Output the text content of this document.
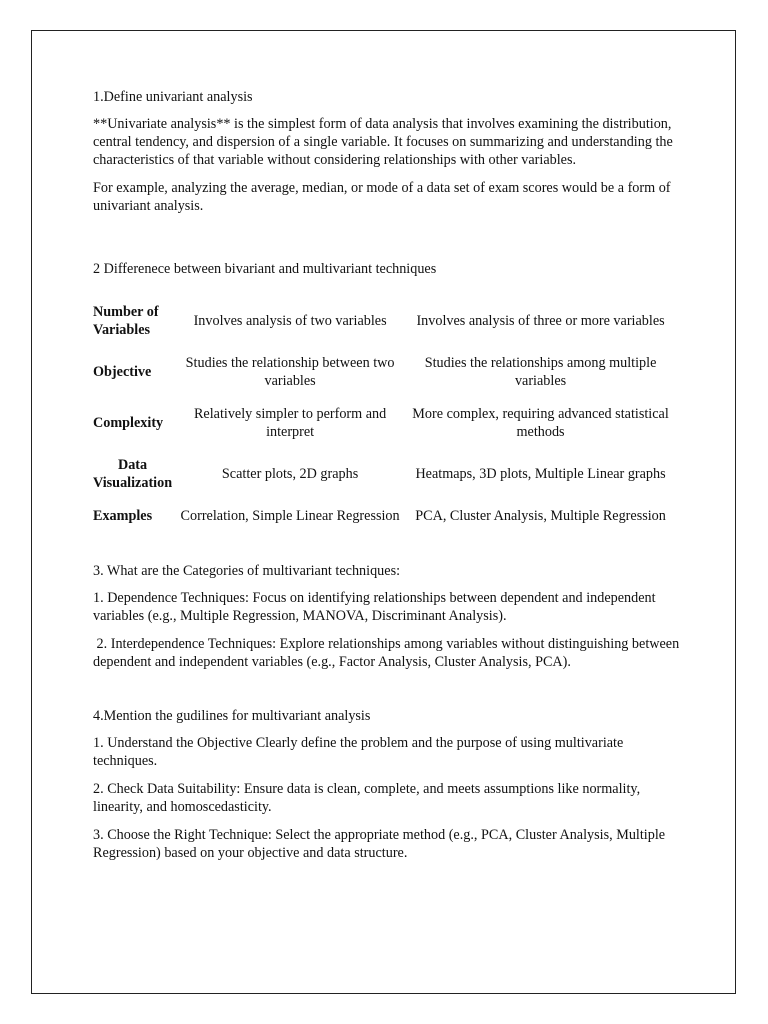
1.Define univariant analysis

**Univariate analysis** is the simplest form of data analysis that involves examining the distribution, central tendency, and dispersion of a single variable. It focuses on summarizing and understanding the characteristics of that variable without considering relationships with other variables.

For example, analyzing the average, median, or mode of a data set of exam scores would be a form of univariant analysis.

2 Differenece between bivariant and multivariant techniques

Number of Variables	Involves analysis of two variables	Involves analysis of three or more variables
Objective	Studies the relationship between two variables	Studies the relationships among multiple variables
Complexity	Relatively simpler to perform and interpret	More complex, requiring advanced statistical methods
Data Visualization	Scatter plots, 2D graphs	Heatmaps, 3D plots, Multiple Linear graphs
Examples	Correlation, Simple Linear Regression	PCA, Cluster Analysis, Multiple Regression

3. What are the Categories of multivariant techniques:

1. Dependence Techniques: Focus on identifying relationships between dependent and independent variables (e.g., Multiple Regression, MANOVA, Discriminant Analysis).

2. Interdependence Techniques: Explore relationships among variables without distinguishing between dependent and independent variables (e.g., Factor Analysis, Cluster Analysis, PCA).

4.Mention the gudilines for multivariant analysis

1. Understand the Objective Clearly define the problem and the purpose of using multivariate techniques.

2. Check Data Suitability: Ensure data is clean, complete, and meets assumptions like normality, linearity, and homoscedasticity.

3. Choose the Right Technique: Select the appropriate method (e.g., PCA, Cluster Analysis, Multiple Regression) based on your objective and data structure.
